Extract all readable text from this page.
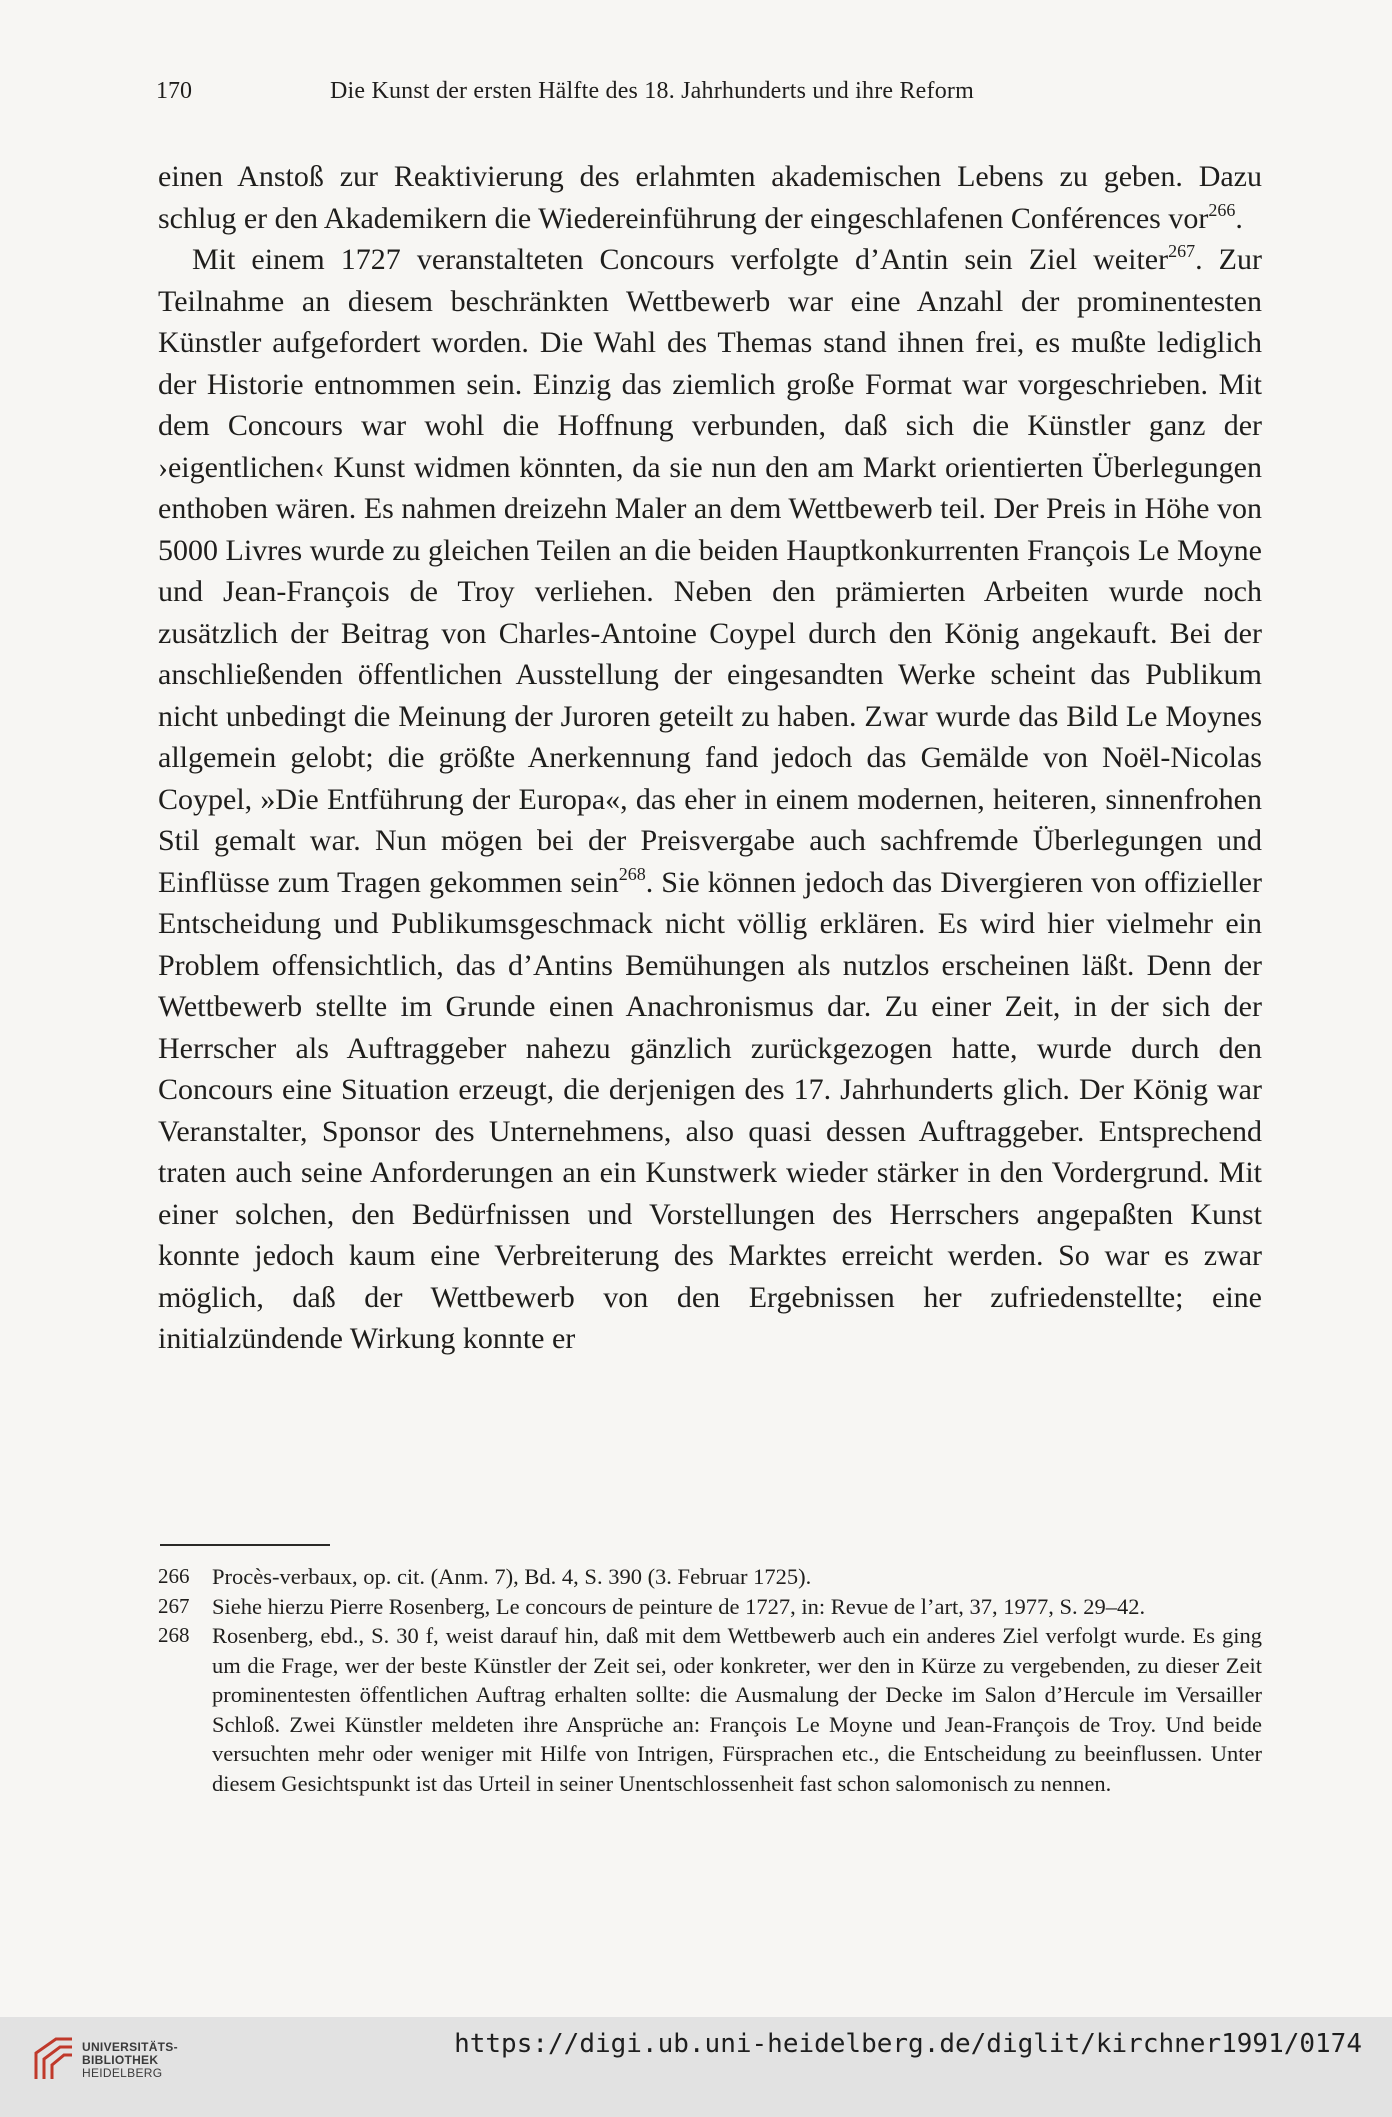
170	Die Kunst der ersten Hälfte des 18. Jahrhunderts und ihre Reform

einen Anstoß zur Reaktivierung des erlahmten akademischen Lebens zu geben. Dazu schlug er den Akademikern die Wiedereinführung der eingeschlafenen Conférences vor$^{266}$.

Mit einem 1727 veranstalteten Concours verfolgte d’Antin sein Ziel weiter$^{267}$. Zur Teilnahme an diesem beschränkten Wettbewerb war eine Anzahl der prominentesten Künstler aufgefordert worden. Die Wahl des Themas stand ihnen frei, es mußte lediglich der Historie entnommen sein. Einzig das ziemlich große Format war vorgeschrieben. Mit dem Concours war wohl die Hoffnung verbunden, daß sich die Künstler ganz der ›eigentlichen‹ Kunst widmen könnten, da sie nun den am Markt orientierten Überlegungen enthoben wären. Es nahmen dreizehn Maler an dem Wettbewerb teil. Der Preis in Höhe von 5000 Livres wurde zu gleichen Teilen an die beiden Hauptkonkurrenten François Le Moyne und Jean-François de Troy verliehen. Neben den prämierten Arbeiten wurde noch zusätzlich der Beitrag von Charles-Antoine Coypel durch den König angekauft. Bei der anschließenden öffentlichen Ausstellung der eingesandten Werke scheint das Publikum nicht unbedingt die Meinung der Juroren geteilt zu haben. Zwar wurde das Bild Le Moynes allgemein gelobt; die größte Anerkennung fand jedoch das Gemälde von Noël-Nicolas Coypel, »Die Entführung der Europa«, das eher in einem modernen, heiteren, sinnenfrohen Stil gemalt war. Nun mögen bei der Preisvergabe auch sachfremde Überlegungen und Einflüsse zum Tragen gekommen sein$^{268}$. Sie können jedoch das Divergieren von offizieller Entscheidung und Publikumsgeschmack nicht völlig erklären. Es wird hier vielmehr ein Problem offensichtlich, das d’Antins Bemühungen als nutzlos erscheinen läßt. Denn der Wettbewerb stellte im Grunde einen Anachronismus dar. Zu einer Zeit, in der sich der Herrscher als Auftraggeber nahezu gänzlich zurückgezogen hatte, wurde durch den Concours eine Situation erzeugt, die derjenigen des 17. Jahrhunderts glich. Der König war Veranstalter, Sponsor des Unternehmens, also quasi dessen Auftraggeber. Entsprechend traten auch seine Anforderungen an ein Kunstwerk wieder stärker in den Vordergrund. Mit einer solchen, den Bedürfnissen und Vorstellungen des Herrschers angepaßten Kunst konnte jedoch kaum eine Verbreiterung des Marktes erreicht werden. So war es zwar möglich, daß der Wettbewerb von den Ergebnissen her zufriedenstellte; eine initialzündende Wirkung konnte er

266 Procès-verbaux, op. cit. (Anm. 7), Bd. 4, S. 390 (3. Februar 1725).
267 Siehe hierzu Pierre Rosenberg, Le concours de peinture de 1727, in: Revue de l’art, 37, 1977, S. 29–42.
268 Rosenberg, ebd., S. 30 f, weist darauf hin, daß mit dem Wettbewerb auch ein anderes Ziel verfolgt wurde. Es ging um die Frage, wer der beste Künstler der Zeit sei, oder konkreter, wer den in Kürze zu vergebenden, zu dieser Zeit prominentesten öffentlichen Auftrag erhalten sollte: die Ausmalung der Decke im Salon d’Hercule im Versailler Schloß. Zwei Künstler meldeten ihre Ansprüche an: François Le Moyne und Jean-François de Troy. Und beide versuchten mehr oder weniger mit Hilfe von Intrigen, Fürsprachen etc., die Entscheidung zu beeinflussen. Unter diesem Gesichtspunkt ist das Urteil in seiner Unentschlossenheit fast schon salomonisch zu nennen.
UNIVERSITÄTS-
BIBLIOTHEK
HEIDELBERG
https://digi.ub.uni-heidelberg.de/diglit/kirchner1991/0174
